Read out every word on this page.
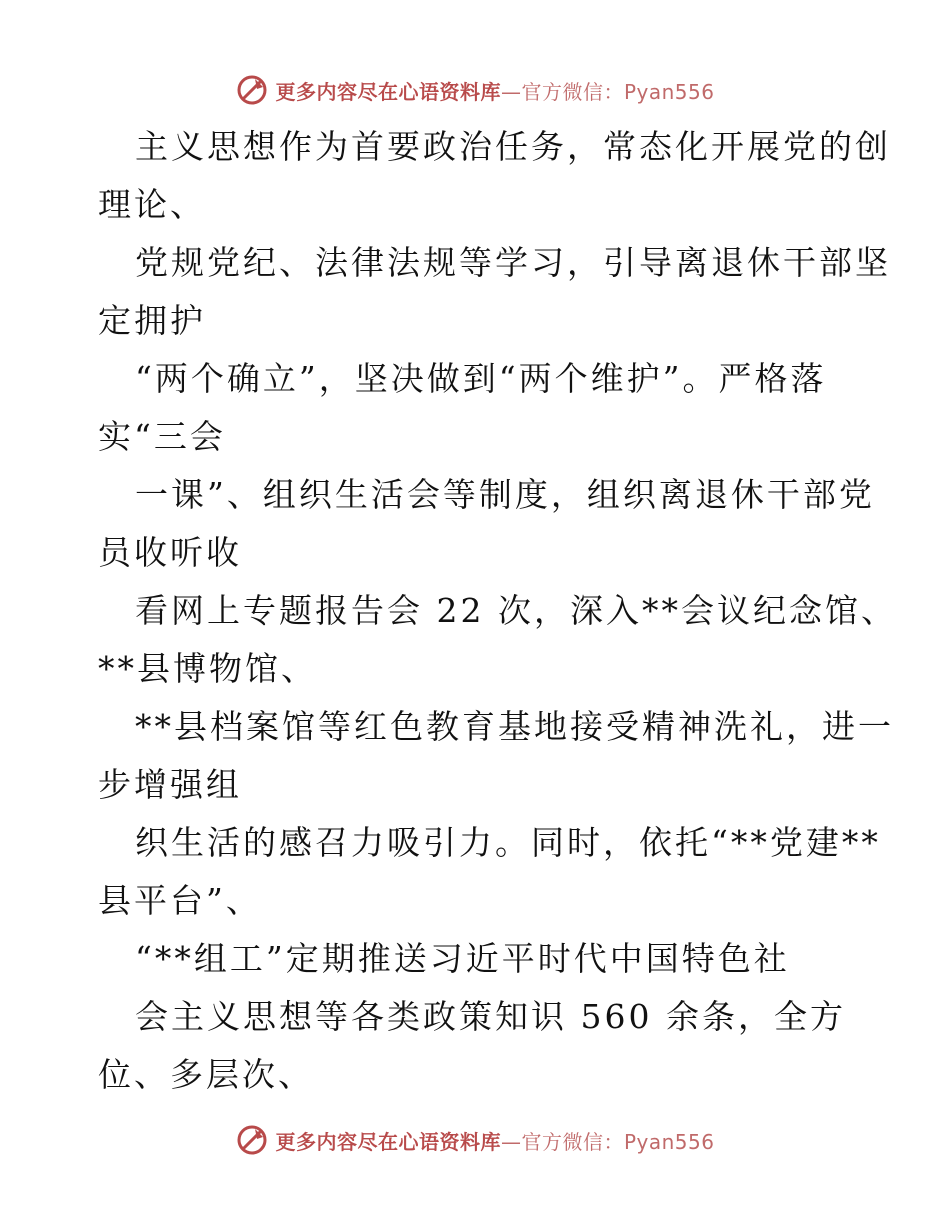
更多内容尽在心语资料库—官方微信：Pyan556
主义思想作为首要政治任务，常态化开展党的创
理论、
党规党纪、法律法规等学习，引导离退休干部坚
定拥护
“两个确立”，坚决做到“两个维护”。严格落
实“三会
一课”、组织生活会等制度，组织离退休干部党
员收听收
看网上专题报告会 22 次，深入**会议纪念馆、
**县博物馆、
**县档案馆等红色教育基地接受精神洗礼，进一
步增强组
织生活的感召力吸引力。同时，依托“**党建**
县平台”、
“**组工”定期推送习近平时代中国特色社
会主义思想等各类政策知识 560 余条，全方
位、多层次、
更多内容尽在心语资料库—官方微信：Pyan556
